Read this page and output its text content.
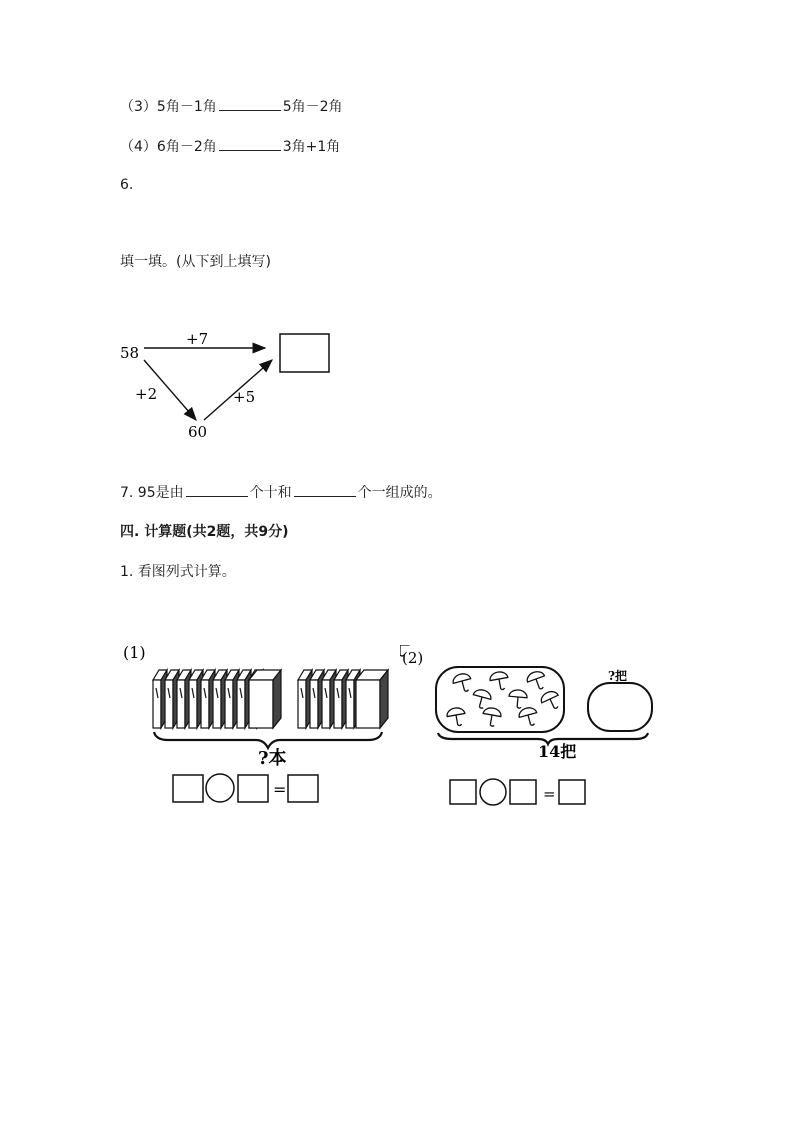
（3）5角－1角	5角－2角
（4）6角－2角	3角+1角
6.
填一填。(从下到上填写)
58
+7
+2	+5
60
7. 95是由	个十和	个一组成的。
四. 计算题(共2题，共9分)
1. 看图列式计算。
(1)
?本
=
(2)
?把
14把
=
